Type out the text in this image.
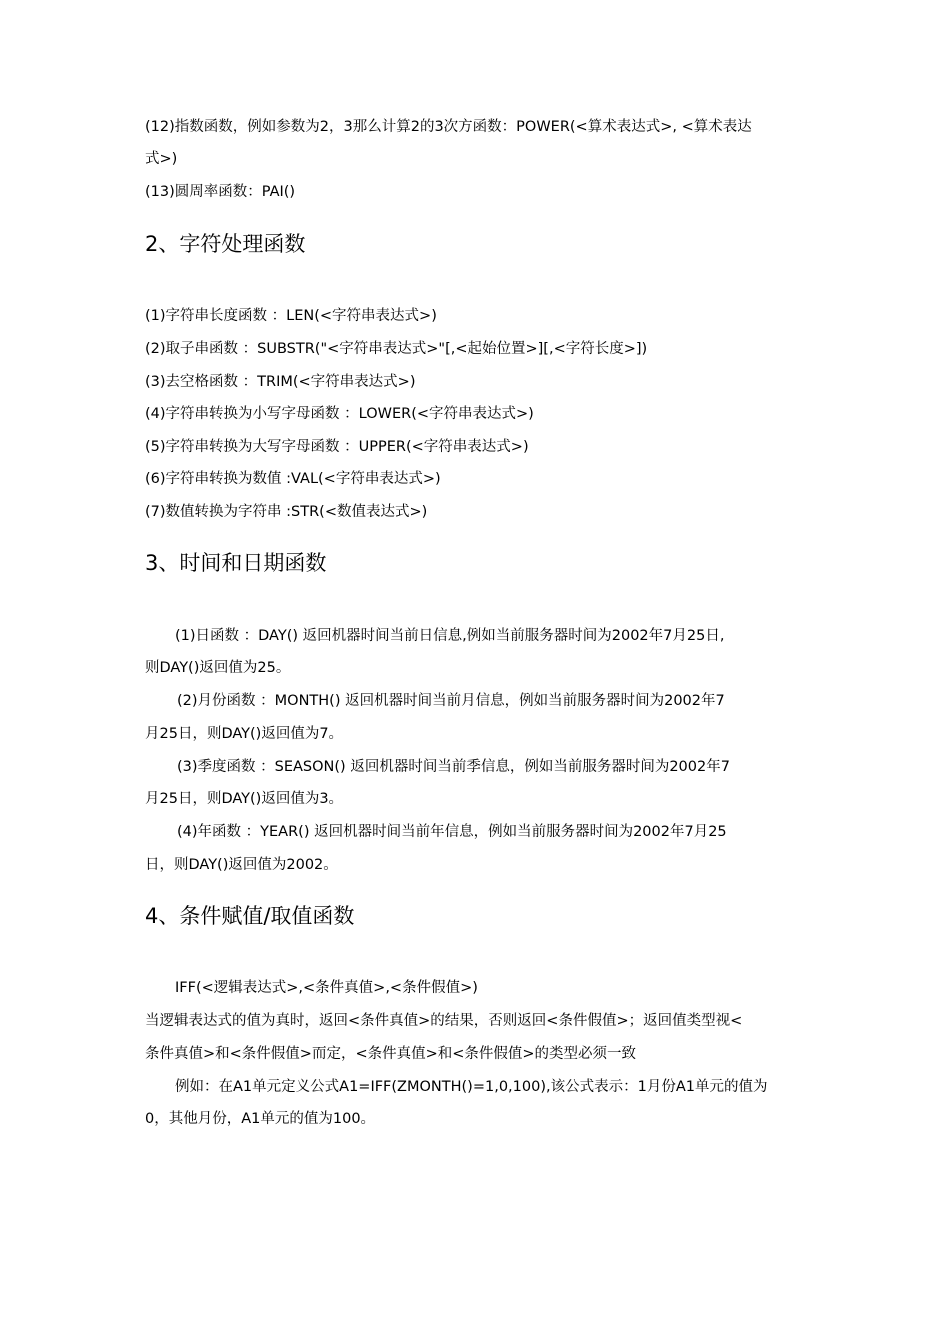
(12)指数函数，例如参数为2，3那么计算2的3次方函数：POWER(<算术表达式>, <算术表达
式>)
(13)圆周率函数：PAI()
2、字符处理函数
(1)字符串长度函数 ：LEN(<字符串表达式>)
(2)取子串函数 ：SUBSTR("<字符串表达式>"[,<起始位置>][,<字符长度>])
(3)去空格函数 ：TRIM(<字符串表达式>)
(4)字符串转换为小写字母函数 ：LOWER(<字符串表达式>)
(5)字符串转换为大写字母函数 ：UPPER(<字符串表达式>)
(6)字符串转换为数值 :VAL(<字符串表达式>)
(7)数值转换为字符串 :STR(<数值表达式>)
3、时间和日期函数
(1)日函数 ：DAY() 返回机器时间当前日信息,例如当前服务器时间为2002年7月25日,
则DAY()返回值为25。
(2)月份函数 ：MONTH() 返回机器时间当前月信息，例如当前服务器时间为2002年7
月25日，则DAY()返回值为7。
(3)季度函数 ：SEASON() 返回机器时间当前季信息，例如当前服务器时间为2002年7
月25日，则DAY()返回值为3。
(4)年函数 ：YEAR() 返回机器时间当前年信息，例如当前服务器时间为2002年7月25
日，则DAY()返回值为2002。
4、条件赋值/取值函数
IFF(<逻辑表达式>,<条件真值>,<条件假值>)
当逻辑表达式的值为真时，返回<条件真值>的结果，否则返回<条件假值>；返回值类型视<
条件真值>和<条件假值>而定，<条件真值>和<条件假值>的类型必须一致
例如：在A1单元定义公式A1=IFF(ZMONTH()=1,0,100),该公式表示：1月份A1单元的值为
0，其他月份，A1单元的值为100。
